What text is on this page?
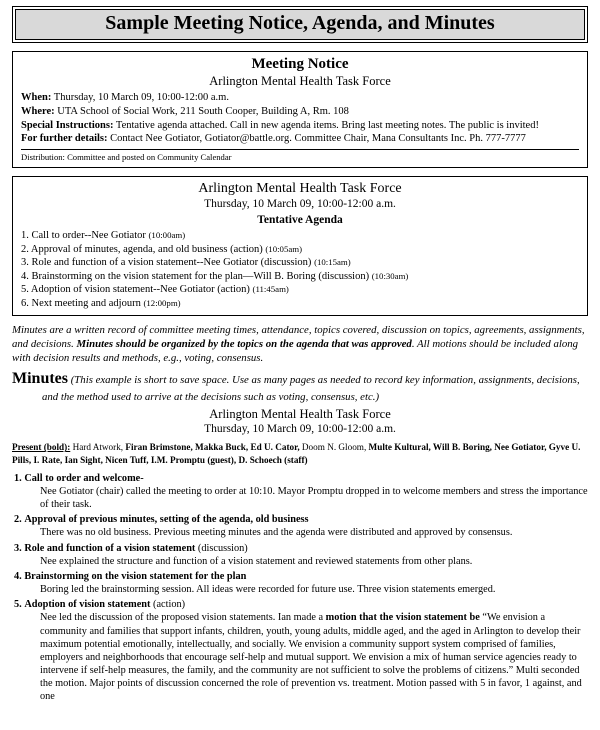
Sample Meeting Notice, Agenda, and Minutes
Meeting Notice
Arlington Mental Health Task Force
When: Thursday, 10 March 09, 10:00-12:00 a.m.
Where: UTA School of Social Work, 211 South Cooper, Building A, Rm. 108
Special Instructions: Tentative agenda attached. Call in new agenda items. Bring last meeting notes. The public is invited!
For further details: Contact Nee Gotiator, Gotiator@battle.org. Committee Chair, Mana Consultants Inc. Ph. 777-7777
Distribution: Committee and posted on Community Calendar
Arlington Mental Health Task Force
Thursday, 10 March 09, 10:00-12:00 a.m.
Tentative Agenda
1. Call to order--Nee Gotiator (10:00am)
2. Approval of minutes, agenda, and old business (action) (10:05am)
3. Role and function of a vision statement--Nee Gotiator (discussion) (10:15am)
4. Brainstorming on the vision statement for the plan—Will B. Boring (discussion) (10:30am)
5. Adoption of vision statement--Nee Gotiator (action) (11:45am)
6. Next meeting and adjourn (12:00pm)

Minutes are a written record of committee meeting times, attendance, topics covered, discussion on topics, agreements, assignments, and decisions. Minutes should be organized by the topics on the agenda that was approved. All motions should be included along with decision results and methods, e.g., voting, consensus.

Minutes (This example is short to save space. Use as many pages as needed to record key information, assignments, decisions, and the method used to arrive at the decisions such as voting, consensus, etc.)

Arlington Mental Health Task Force
Thursday, 10 March 09, 10:00-12:00 a.m.

Present (bold): Hard Atwork, Firan Brimstone, Makka Buck, Ed U. Cator, Doom N. Gloom, Multe Kultural, Will B. Boring, Nee Gotiator, Gyve U. Pills, I. Rate, Ian Sight, Nicen Tuff, I.M. Promptu (guest), D. Schoech (staff)

1. Call to order and welcome-
Nee Gotiator (chair) called the meeting to order at 10:10. Mayor Promptu dropped in to welcome members and stress the importance of their task.
2. Approval of previous minutes, setting of the agenda, old business
There was no old business. Previous meeting minutes and the agenda were distributed and approved by consensus.
3. Role and function of a vision statement (discussion)
Nee explained the structure and function of a vision statement and reviewed statements from other plans.
4. Brainstorming on the vision statement for the plan
Boring led the brainstorming session. All ideas were recorded for future use. Three vision statements emerged.
5. Adoption of vision statement (action)
Nee led the discussion of the proposed vision statements. Ian made a motion that the vision statement be “We envision a community and families that support infants, children, youth, young adults, middle aged, and the aged in Arlington to develop their maximum potential emotionally, intellectually, and socially. We envision a community support system comprised of families, employers and neighborhoods that encourage self-help and mutual support. We envision a mix of human service agencies ready to intervene if self-help measures, the family, and the community are not sufficient to solve the problems of citizens.” Multi seconded the motion. Major points of discussion concerned the role of prevention vs. treatment. Motion passed with 5 in favor, 1 against, and one
